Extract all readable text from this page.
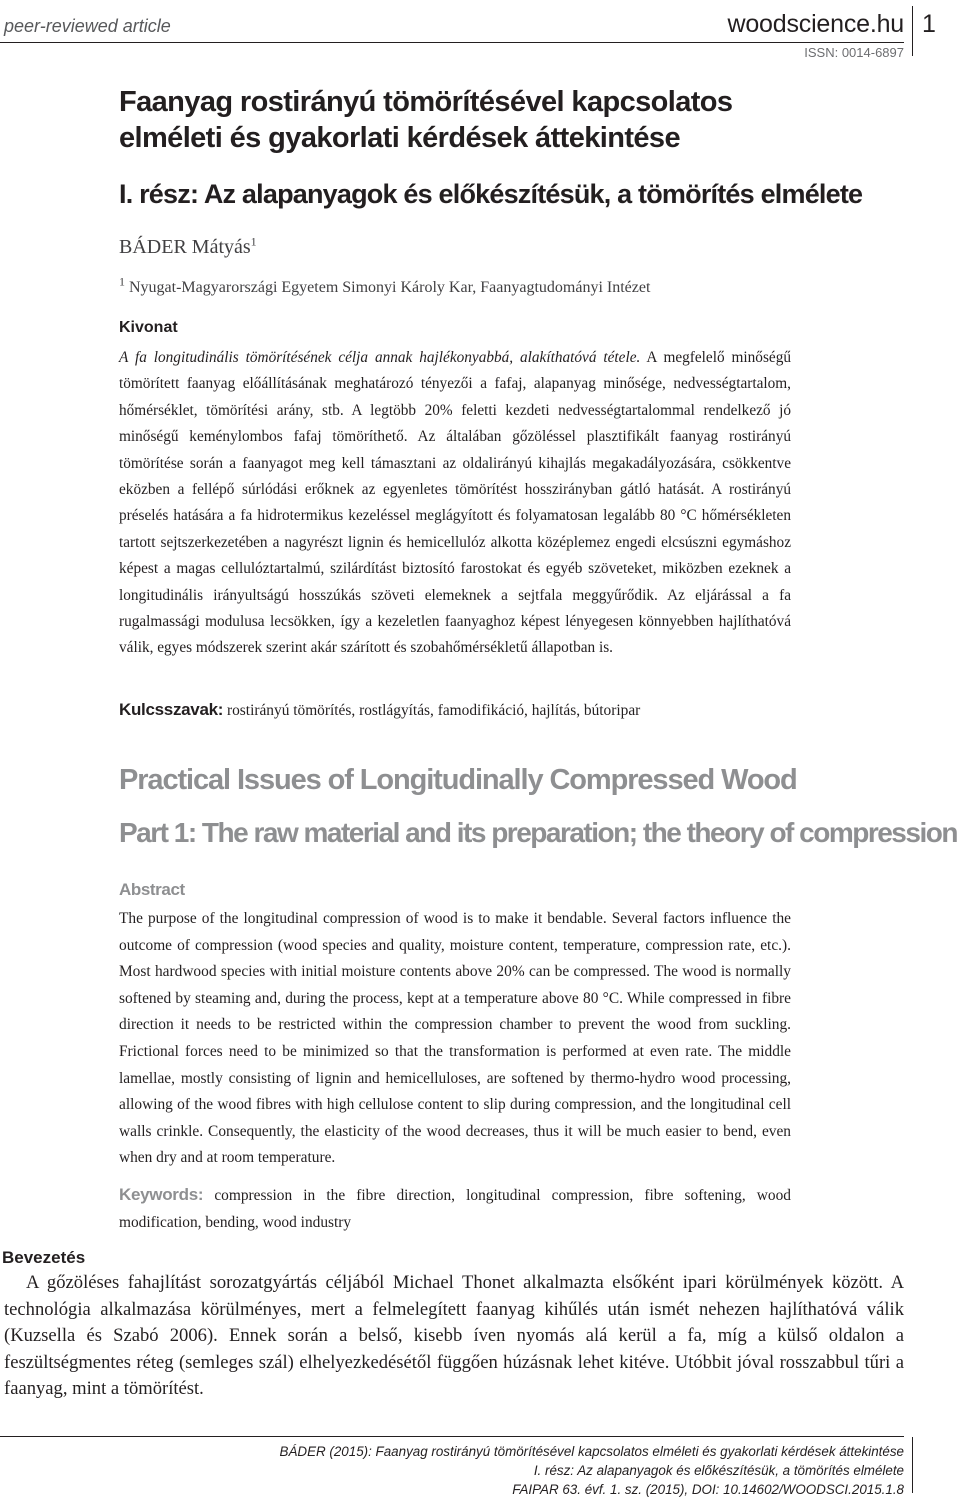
peer-reviewed article	woodscience.hu 1
ISSN: 0014-6897
Faanyag rostirányú tömörítésével kapcsolatos elméleti és gyakorlati kérdések áttekintése
I. rész: Az alapanyagok és előkészítésük, a tömörítés elmélete
BÁDER Mátyás$^1$
$^1$ Nyugat-Magyarországi Egyetem Simonyi Károly Kar, Faanyagtudományi Intézet
Kivonat

A fa longitudinális tömörítésének célja annak hajlékonyabbá, alakíthatóvá tétele. A megfelelő minőségű tömörített faanyag előállításának meghatározó tényezői a fafaj, alapanyag minősége, nedvességtartalom, hőmérséklet, tömörítési arány, stb. A legtöbb 20% feletti kezdeti nedvességtartalommal rendelkező jó minőségű keménylombos fafaj tömöríthető. Az általában gőzöléssel plasztifikált faanyag rostirányú tömörítése során a faanyagot meg kell támasztani az oldalirányú kihajlás megakadályozására, csökkentve eközben a fellépő súrlódási erőknek az egyenletes tömörítést hosszirányban gátló hatását. A rostirányú préselés hatására a fa hidrotermikus kezeléssel meglágyított és folyamatosan legalább 80 °C hőmérsékleten tartott sejtszerkezetében a nagyrészt lignin és hemicellulóz alkotta középlemez engedi elcsúszni egymáshoz képest a magas cellulóztartalmú, szilárdítást biztosító farostokat és egyéb szöveteket, miközben ezeknek a longitudinális irányultságú hosszúkás szöveti elemeknek a sejtfala meggyűrődik. Az eljárással a fa rugalmassági modulusa lecsökken, így a kezeletlen faanyaghoz képest lényegesen könnyebben hajlíthatóvá válik, egyes módszerek szerint akár szárított és szobahőmérsékletű állapotban is.

Kulcsszavak: rostirányú tömörítés, rostlágyítás, famodifikáció, hajlítás, bútoripar

Practical Issues of Longitudinally Compressed Wood
Part 1: The raw material and its preparation; the theory of compression
Abstract

The purpose of the longitudinal compression of wood is to make it bendable. Several factors influence the outcome of compression (wood species and quality, moisture content, temperature, compression rate, etc.). Most hardwood species with initial moisture contents above 20% can be compressed. The wood is normally softened by steaming and, during the process, kept at a temperature above 80 °C. While compressed in fibre direction it needs to be restricted within the compression chamber to prevent the wood from suckling. Frictional forces need to be minimized so that the transformation is performed at even rate. The middle lamellae, mostly consisting of lignin and hemicelluloses, are softened by thermo-hydro wood processing, allowing of the wood fibres with high cellulose content to slip during compression, and the longitudinal cell walls crinkle. Consequently, the elasticity of the wood decreases, thus it will be much easier to bend, even when dry and at room temperature.

Keywords: compression in the fibre direction, longitudinal compression, fibre softening, wood modification, bending, wood industry

Bevezetés

A gőzöléses fahajlítást sorozatgyártás céljából Michael Thonet alkalmazta elsőként ipari körülmények között. A technológia alkalmazása körülményes, mert a felmelegített faanyag kihűlés után ismét nehezen hajlíthatóvá válik (Kuzsella és Szabó 2006). Ennek során a belső, kisebb íven nyomás alá kerül a fa, míg a külső oldalon a feszültségmentes réteg (semleges szál) elhelyezkedésétől függően húzásnak lehet kitéve. Utóbbit jóval rosszabbul tűri a faanyag, mint a tömörítést.

BÁDER (2015): Faanyag rostirányú tömörítésével kapcsolatos elméleti és gyakorlati kérdések áttekintése
I. rész: Az alapanyagok és előkészítésük, a tömörítés elmélete
FAIPAR 63. évf. 1. sz. (2015), DOI: 10.14602/WOODSCI.2015.1.8
